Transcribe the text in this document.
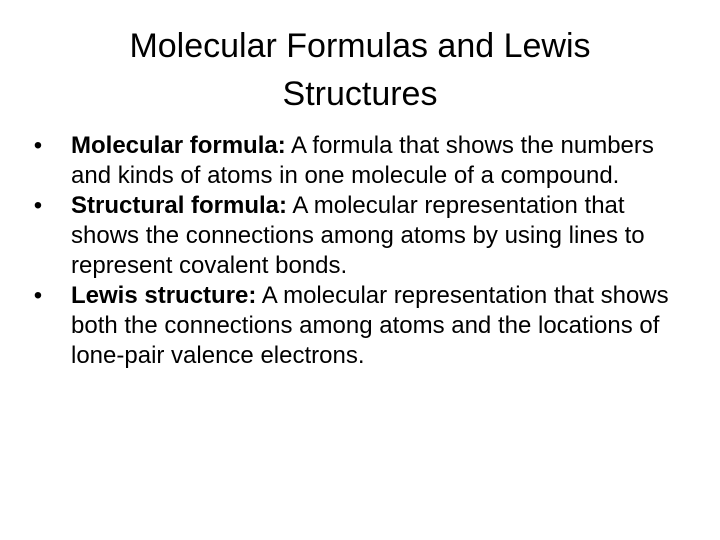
Molecular Formulas and Lewis Structures
• Molecular formula: A formula that shows the numbers and kinds of atoms in one molecule of a compound.
• Structural formula: A molecular representation that shows the connections among atoms by using lines to represent covalent bonds.
• Lewis structure: A molecular representation that shows both the connections among atoms and the locations of lone-pair valence electrons.
